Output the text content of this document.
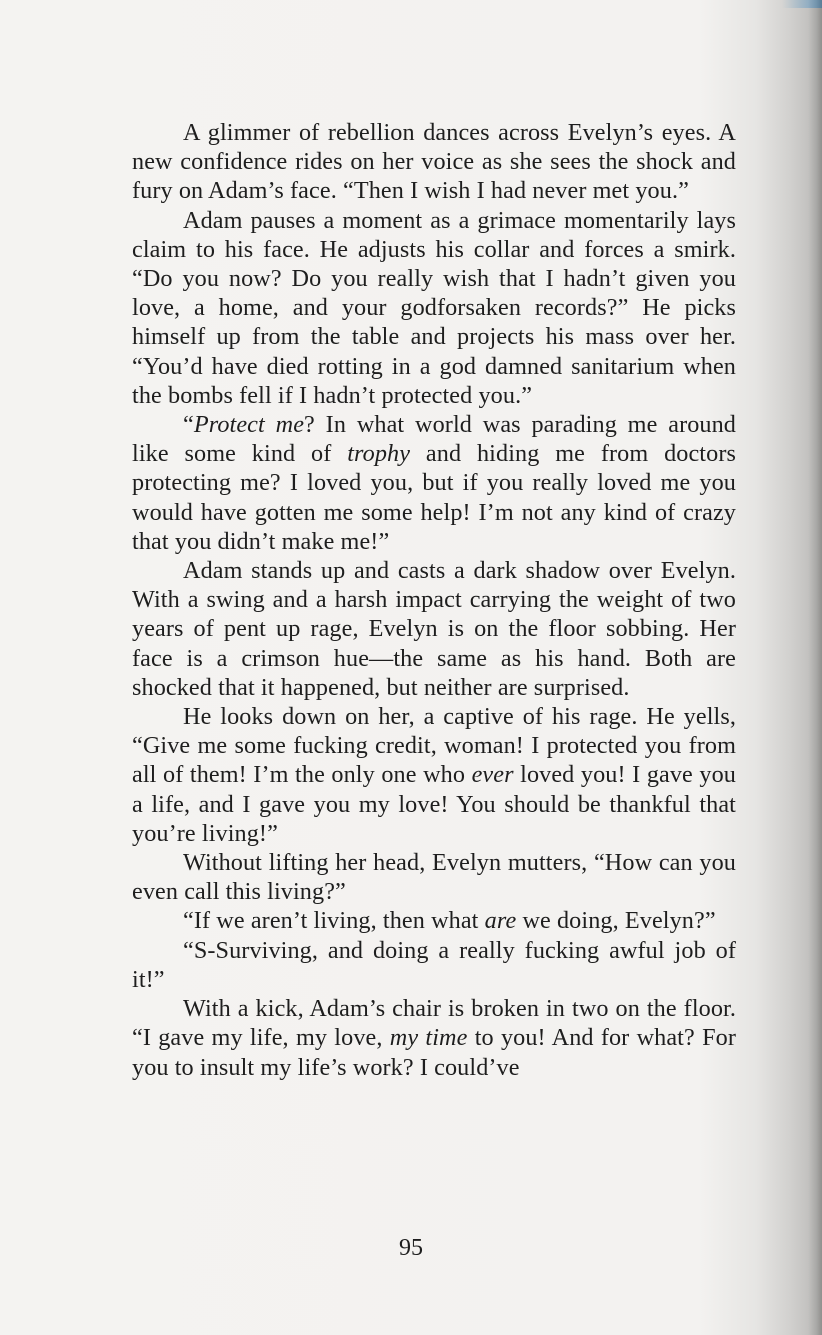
A glimmer of rebellion dances across Evelyn’s eyes. A new confidence rides on her voice as she sees the shock and fury on Adam’s face. “Then I wish I had never met you.”

Adam pauses a moment as a grimace momentarily lays claim to his face. He adjusts his collar and forces a smirk. “Do you now? Do you really wish that I hadn’t given you love, a home, and your godforsaken records?” He picks himself up from the table and projects his mass over her. “You’d have died rotting in a god damned sanitarium when the bombs fell if I hadn’t protected you.”

“Protect me? In what world was parading me around like some kind of trophy and hiding me from doctors protecting me? I loved you, but if you really loved me you would have gotten me some help! I’m not any kind of crazy that you didn’t make me!”

Adam stands up and casts a dark shadow over Evelyn. With a swing and a harsh impact carrying the weight of two years of pent up rage, Evelyn is on the floor sobbing. Her face is a crimson hue—the same as his hand. Both are shocked that it happened, but neither are surprised.

He looks down on her, a captive of his rage. He yells, “Give me some fucking credit, woman! I protected you from all of them! I’m the only one who ever loved you! I gave you a life, and I gave you my love! You should be thankful that you’re living!”

Without lifting her head, Evelyn mutters, “How can you even call this living?”

“If we aren’t living, then what are we doing, Evelyn?”

“S-Surviving, and doing a really fucking awful job of it!”

With a kick, Adam’s chair is broken in two on the floor. “I gave my life, my love, my time to you! And for what? For you to insult my life’s work? I could’ve

95
